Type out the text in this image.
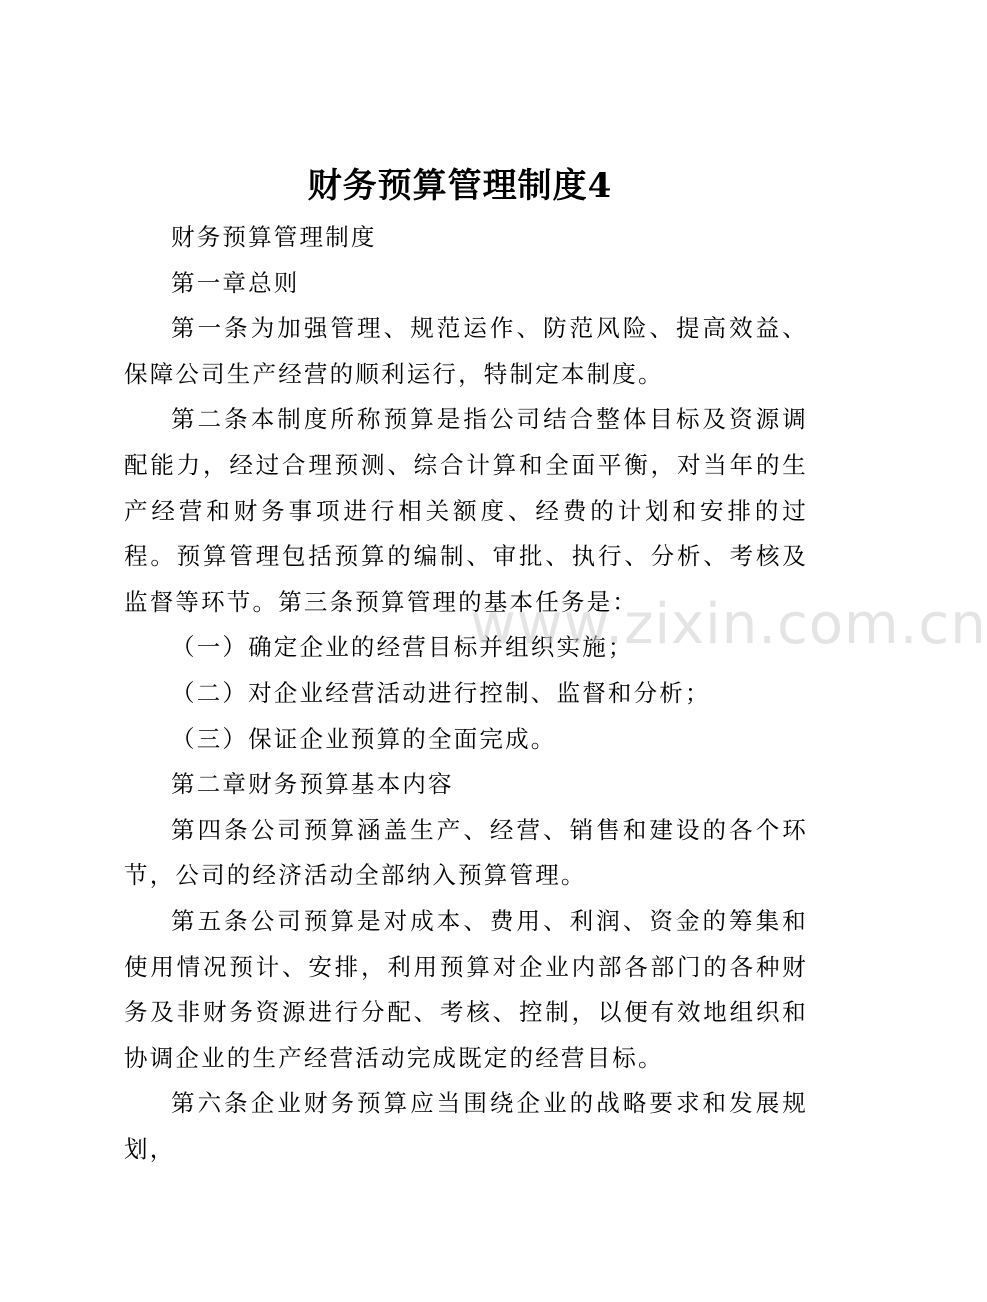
财务预算管理制度4

财务预算管理制度

第一章总则

第一条为加强管理、规范运作、防范风险、提高效益、保障公司生产经营的顺利运行，特制定本制度。

第二条本制度所称预算是指公司结合整体目标及资源调配能力，经过合理预测、综合计算和全面平衡，对当年的生产经营和财务事项进行相关额度、经费的计划和安排的过程。预算管理包括预算的编制、审批、执行、分析、考核及监督等环节。第三条预算管理的基本任务是：

（一）确定企业的经营目标并组织实施；

（二）对企业经营活动进行控制、监督和分析；

（三）保证企业预算的全面完成。

第二章财务预算基本内容

第四条公司预算涵盖生产、经营、销售和建设的各个环节，公司的经济活动全部纳入预算管理。

第五条公司预算是对成本、费用、利润、资金的筹集和使用情况预计、安排，利用预算对企业内部各部门的各种财务及非财务资源进行分配、考核、控制，以便有效地组织和协调企业的生产经营活动完成既定的经营目标。

第六条企业财务预算应当围绕企业的战略要求和发展规划，

www.zixin.com.cn
